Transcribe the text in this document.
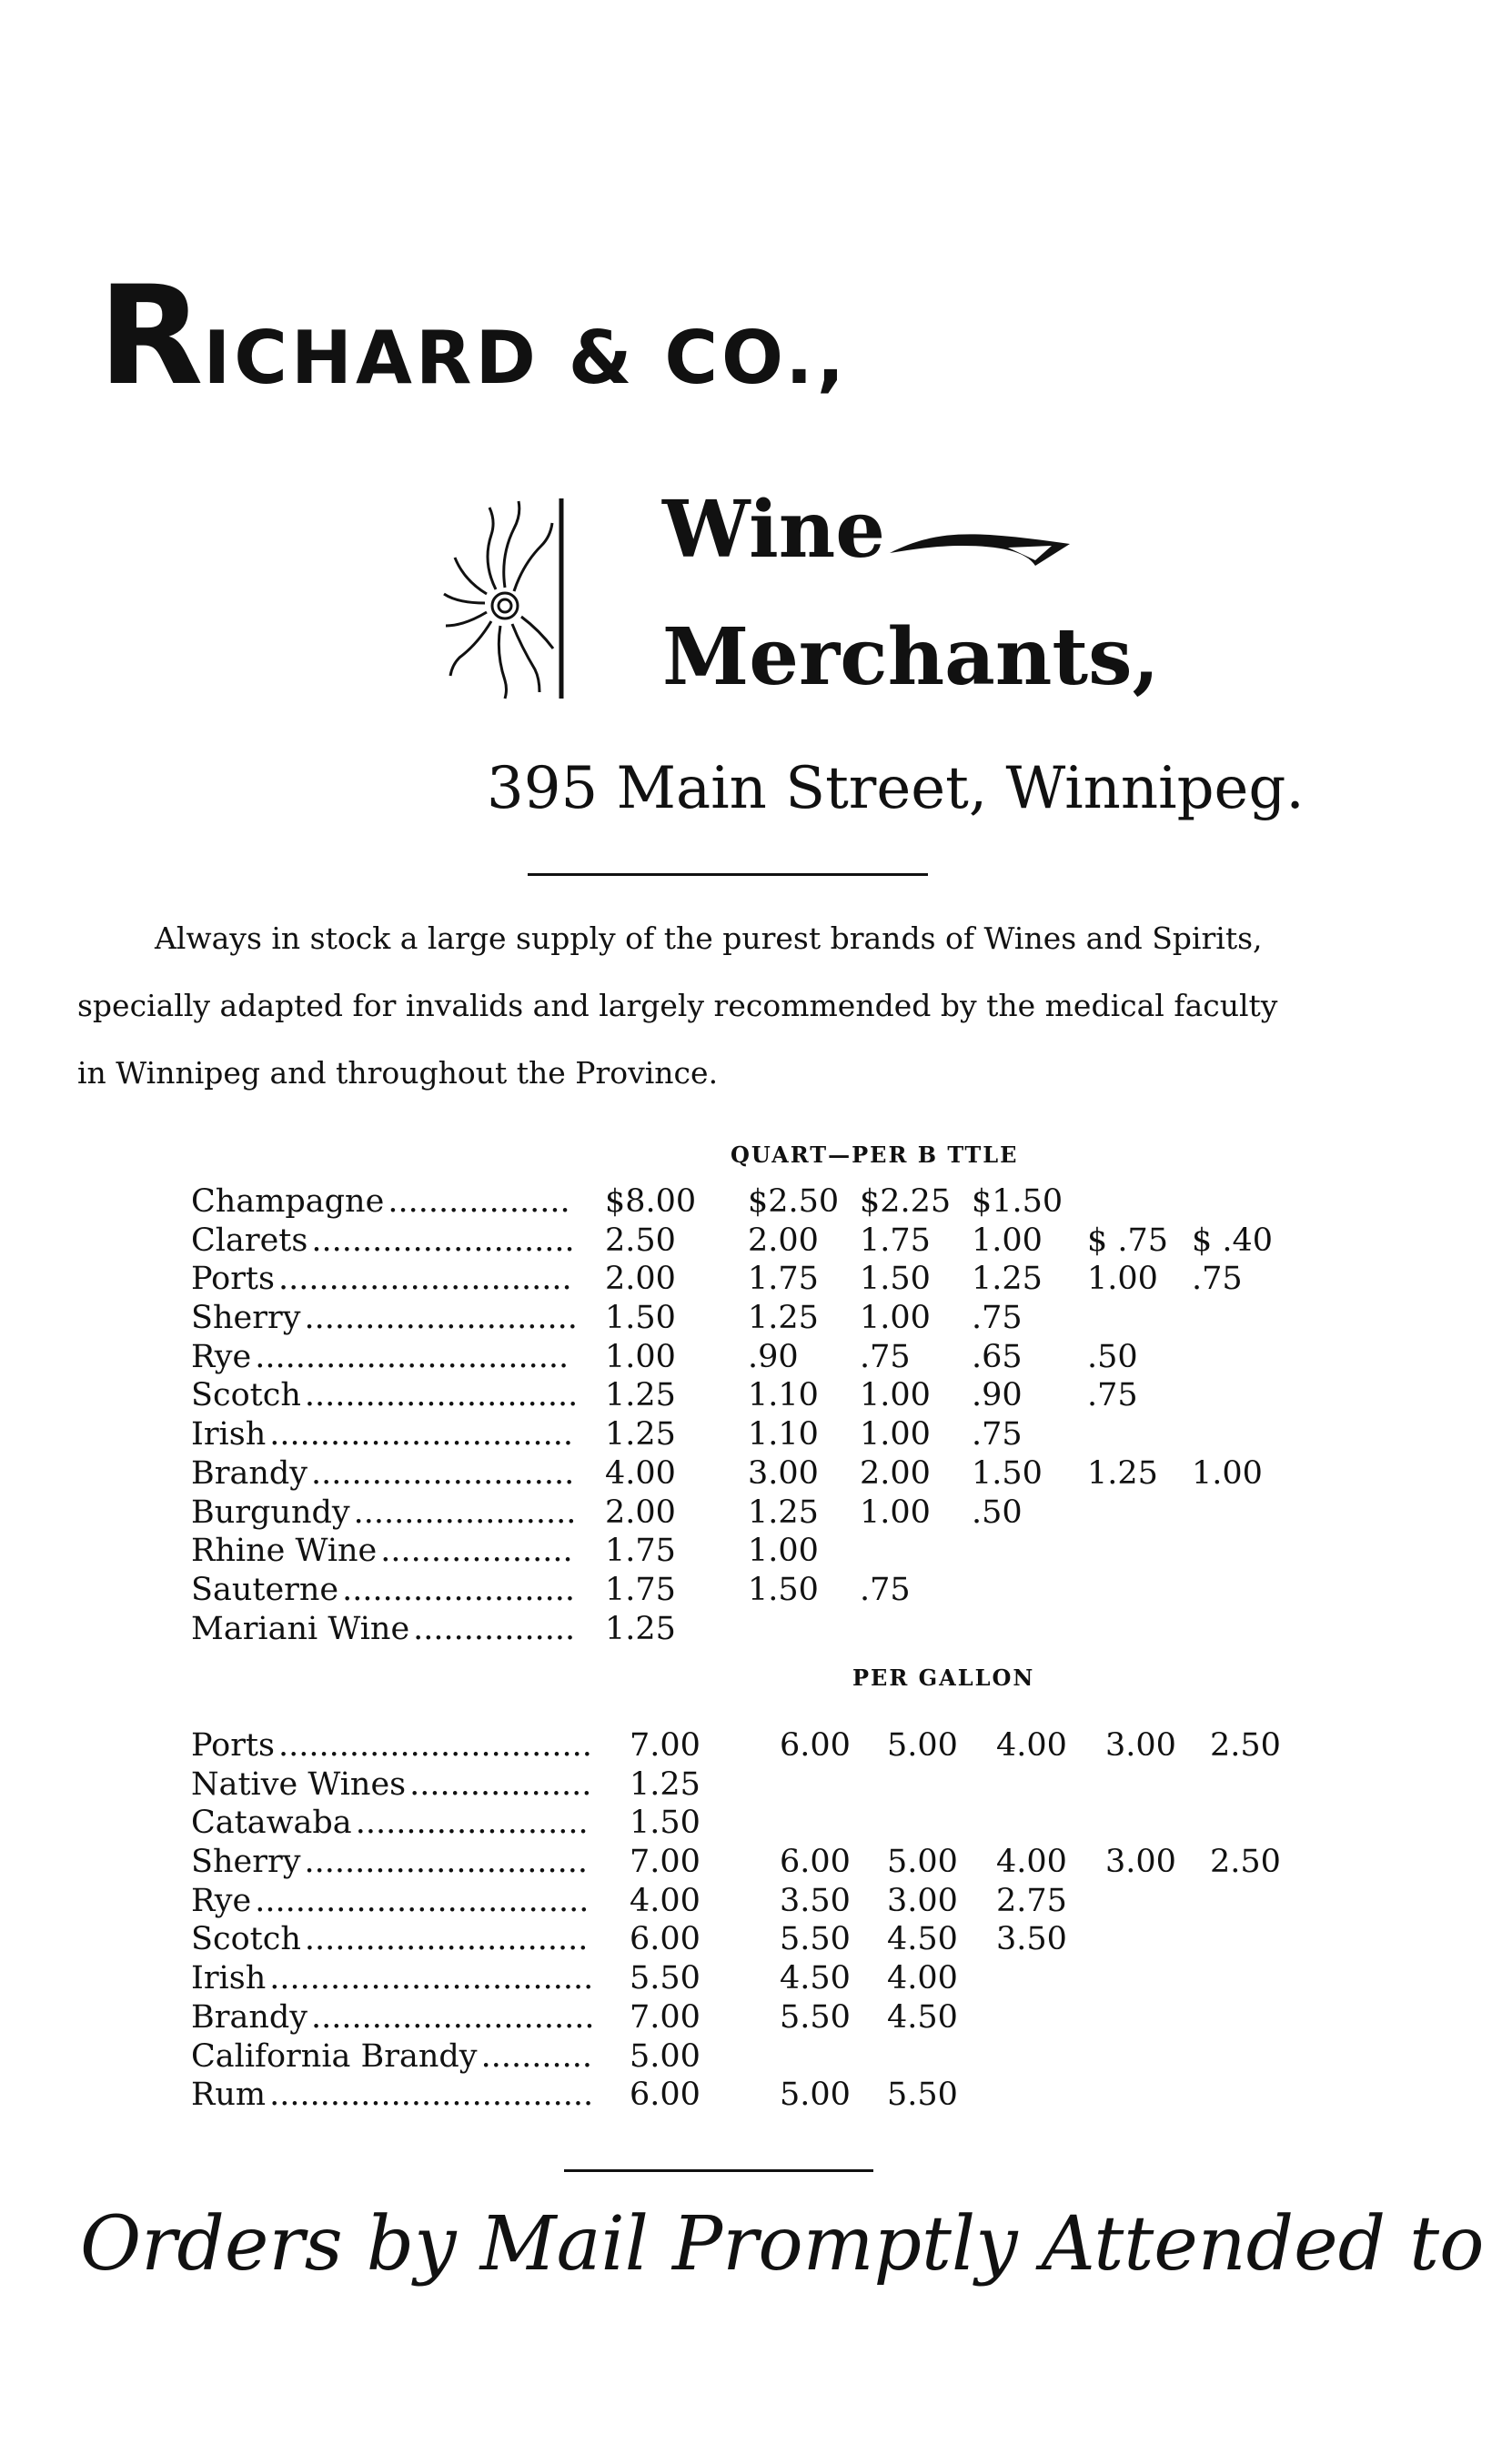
RICHARD & CO.,
Wine
Merchants,
395 Main Street, Winnipeg.

Always in stock a large supply of the purest brands of Wines and Spirits,

specially adapted for invalids and largely recommended by the medical faculty

in Winnipeg and throughout the Province.

QUART—PER B TTLE
Champagne .................. $8.00 $2.50 $2.25 $1.50
Clarets .......................... 2.50 2.00 1.75 1.00 $ .75 $ .40
Ports ............................. 2.00 1.75 1.50 1.25 1.00 .75
Sherry ........................... 1.50 1.25 1.00 .75
Rye ............................... 1.00 .90 .75 .65 .50
Scotch ........................... 1.25 1.10 1.00 .90 .75
Irish .............................. 1.25 1.10 1.00 .75
Brandy .......................... 4.00 3.00 2.00 1.50 1.25 1.00
Burgundy ...................... 2.00 1.25 1.00 .50
Rhine Wine ................... 1.75 1.00
Sauterne ....................... 1.75 1.50 .75
Mariani Wine ................ 1.25
PER GALLON
Ports ............................... 7.00 6.00 5.00 4.00 3.00 2.50
Native Wines .................. 1.25
Catawaba ....................... 1.50
Sherry ............................ 7.00 6.00 5.00 4.00 3.00 2.50
Rye ................................. 4.00 3.50 3.00 2.75
Scotch ............................ 6.00 5.50 4.50 3.50
Irish ................................ 5.50 4.50 4.00
Brandy ............................ 7.00 5.50 4.50
California Brandy ........... 5.00
Rum ................................ 6.00 5.00 5.50
Orders by Mail Promptly Attended to
